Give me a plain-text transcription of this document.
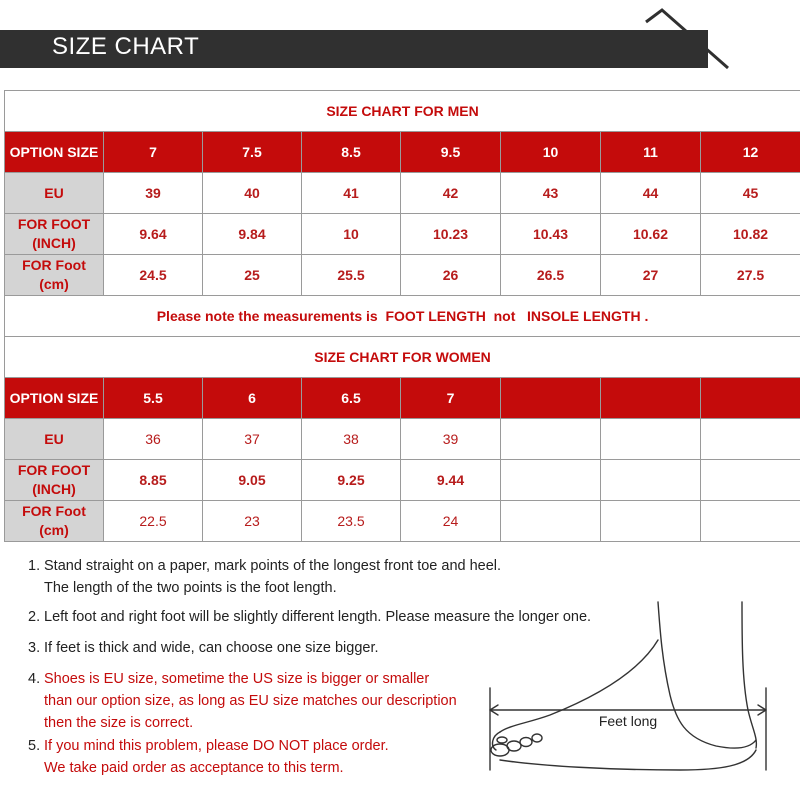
SIZE CHART
SIZE CHART FOR MEN							
OPTION SIZE	7	7.5	8.5	9.5	10	11	12
EU	39	40	41	42	43	44	45
FOR FOOT
(INCH)	9.64	9.84	10	10.23	10.43	10.62	10.82
FOR Foot
(cm)	24.5	25	25.5	26	26.5	27	27.5
Please note the measurements is  FOOT LENGTH  not   INSOLE LENGTH .							
SIZE CHART FOR WOMEN							
OPTION SIZE	5.5	6	6.5	7			
EU	36	37	38	39			
FOR FOOT
(INCH)	8.85	9.05	9.25	9.44			
FOR Foot
(cm)	22.5	23	23.5	24			
1. Stand straight on a paper, mark points of the longest front toe and heel.
The length of the two points is the foot length.
2. Left foot and right foot will be slightly different length. Please measure the longer one.
3. If feet is thick and wide, can choose one size bigger.
4. Shoes is EU size, sometime the US size is bigger or smaller
than our option size, as long as EU size matches our description
then the size is correct.
5. If you mind this problem, please DO NOT place order.
We take paid order as acceptance to this term.
Feet long
